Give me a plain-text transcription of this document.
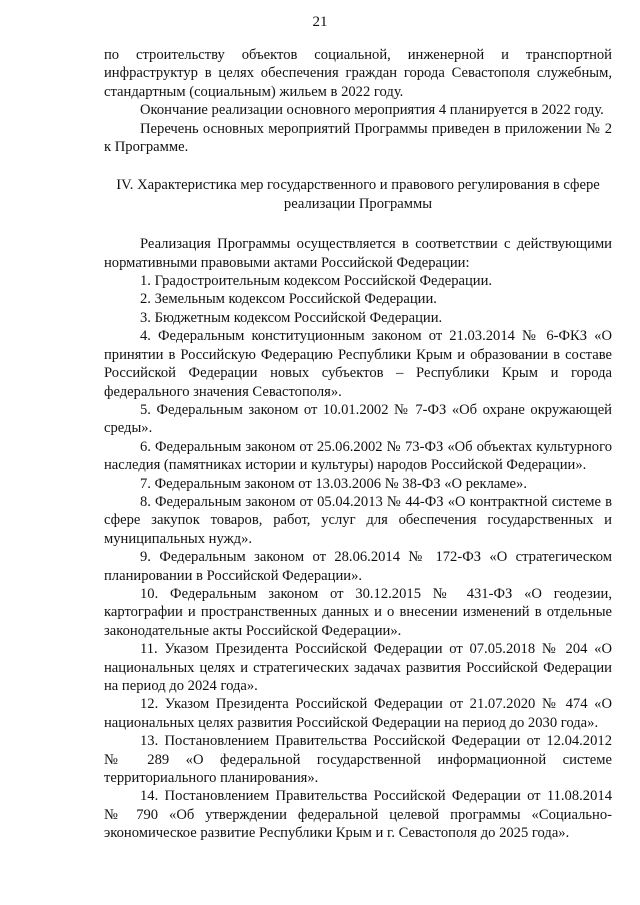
21

по строительству объектов социальной, инженерной и транспортной инфраструктур в целях обеспечения граждан города Севастополя служебным, стандартным (социальным) жильем в 2022 году.

Окончание реализации основного мероприятия 4 планируется в 2022 году.

Перечень основных мероприятий Программы приведен в приложении № 2 к Программе.

IV. Характеристика мер государственного и правового регулирования в сфере реализации Программы

Реализация Программы осуществляется в соответствии с действующими нормативными правовыми актами Российской Федерации:

1. Градостроительным кодексом Российской Федерации.

2. Земельным кодексом Российской Федерации.

3. Бюджетным кодексом Российской Федерации.

4. Федеральным конституционным законом от 21.03.2014 № 6-ФКЗ «О принятии в Российскую Федерацию Республики Крым и образовании в составе Российской Федерации новых субъектов – Республики Крым и города федерального значения Севастополя».

5. Федеральным законом от 10.01.2002 № 7-ФЗ «Об охране окружающей среды».

6. Федеральным законом от 25.06.2002 № 73-ФЗ «Об объектах культурного наследия (памятниках истории и культуры) народов Российской Федерации».

7. Федеральным законом от 13.03.2006 № 38-ФЗ «О рекламе».

8. Федеральным законом от 05.04.2013 № 44-ФЗ «О контрактной системе в сфере закупок товаров, работ, услуг для обеспечения государственных и муниципальных нужд».

9. Федеральным законом от 28.06.2014 № 172-ФЗ «О стратегическом планировании в Российской Федерации».

10. Федеральным законом от 30.12.2015 № 431-ФЗ «О геодезии, картографии и пространственных данных и о внесении изменений в отдельные законодательные акты Российской Федерации».

11. Указом Президента Российской Федерации от 07.05.2018 № 204 «О национальных целях и стратегических задачах развития Российской Федерации на период до 2024 года».

12. Указом Президента Российской Федерации от 21.07.2020 № 474 «О национальных целях развития Российской Федерации на период до 2030 года».

13. Постановлением Правительства Российской Федерации от 12.04.2012 № 289 «О федеральной государственной информационной системе территориального планирования».

14. Постановлением Правительства Российской Федерации от 11.08.2014 № 790 «Об утверждении федеральной целевой программы «Социально-экономическое развитие Республики Крым и г. Севастополя до 2025 года».
